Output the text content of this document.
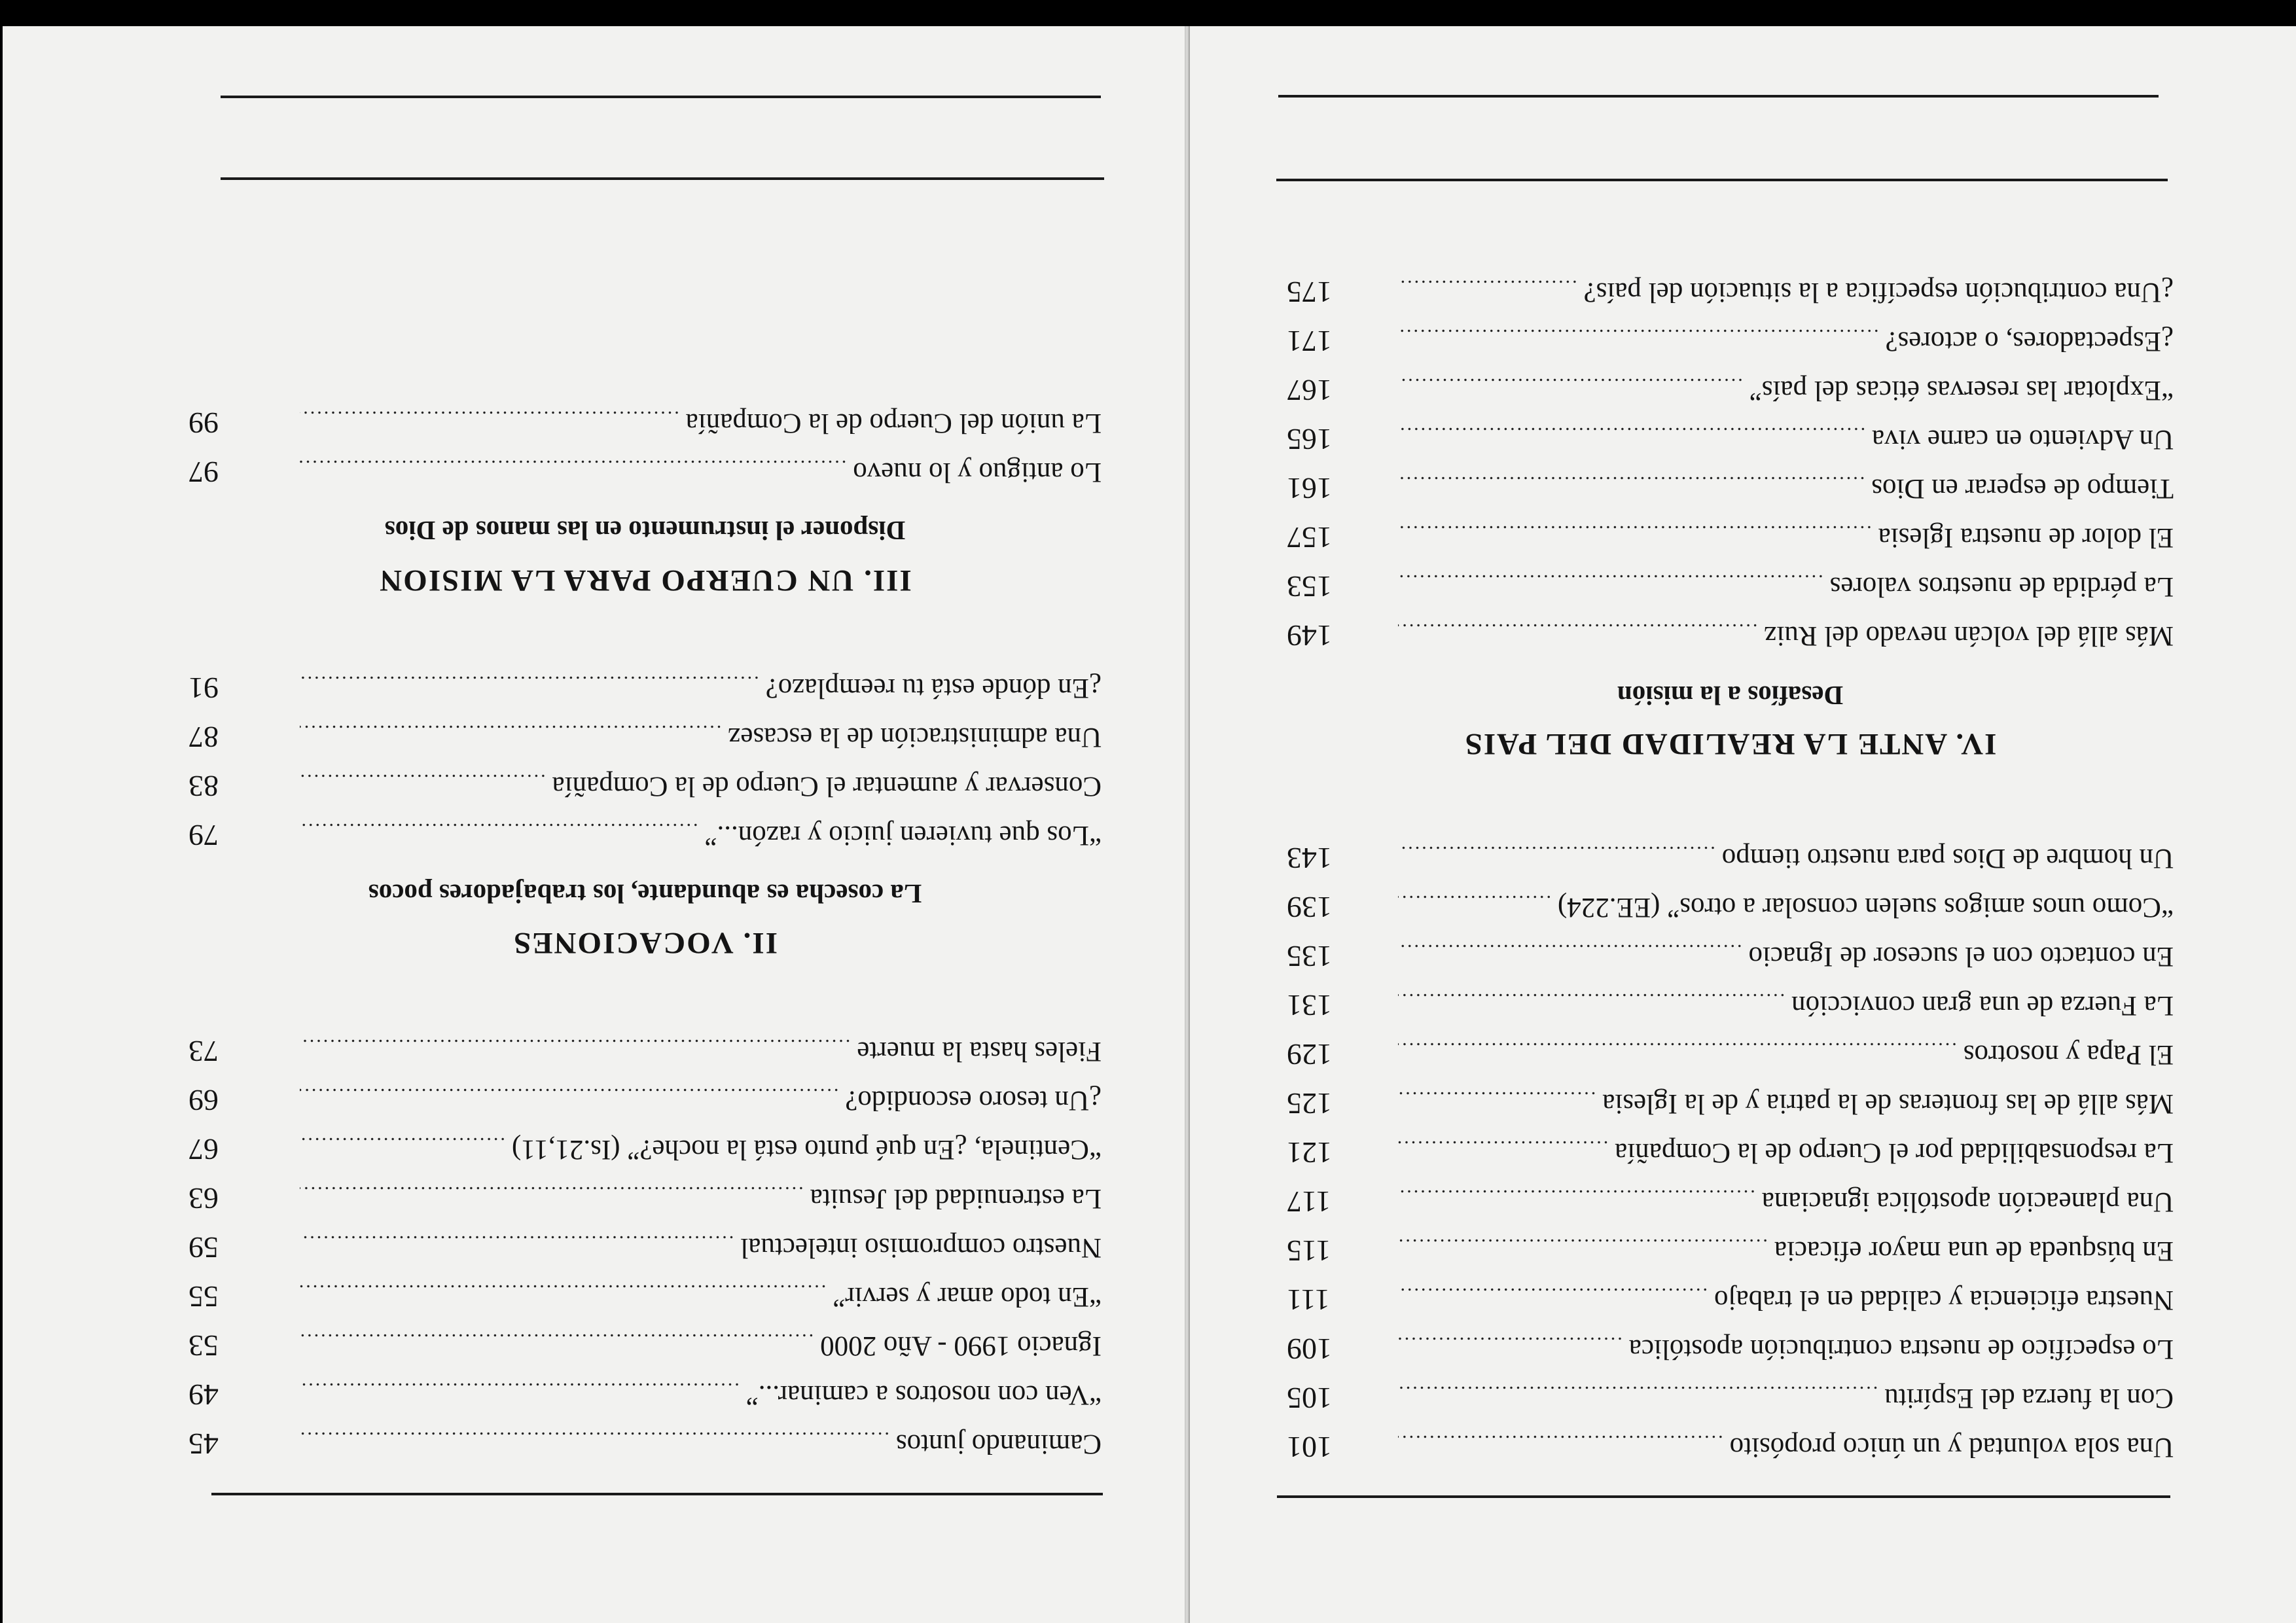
Una sola voluntad y un único propósito
.....
101
Con la fuerza del Espíritu
.....
105
Lo específico de nuestra contribución apostólica
.....
109
Nuestra eficiencia y calidad en el trabajo
.....
111
En búsqueda de una mayor eficacia
.....
115
Una planeación apostólica ignaciana
.....
117
La responsabilidad por el Cuerpo de la Compañía
.....
121
Más allá de las fronteras de la patria y de la Iglesia
.....
125
El Papa y nosotros
.....
129
La Fuerza de una gran convicción
.....
131
En contacto con el sucesor de Ignacio
.....
135
“Como unos amigos suelen consolar a otros” (EE.224)
.....
139
Un hombre de Dios para nuestro tiempo
.....
143
IV. ANTE LA REALIDAD DEL PAIS
Desafíos a la misión
Más allá del volcán nevado del Ruiz
.....
149
La pérdida de nuestros valores
.....
153
El dolor de nuestra Iglesia
.....
157
Tiempo de esperar en Dios
.....
161
Un Adviento en carne viva
.....
165
“Explotar las reservas éticas del país”
.....
167
¿Espectadores, o actores?
.....
171
¿Una contribución específica a la situación del país?
.....
175
Caminando juntos
.....
45
“Ven con nosotros a caminar...”
.....
49
Ignacio 1990 - Año 2000
.....
53
“En todo amar y servir”
.....
55
Nuestro compromiso intelectual
.....
59
La estrenuidad del Jesuita
.....
63
“Centinela, ¿En qué punto está la noche?” (Is.21,11)
.....
67
¿Un tesoro escondido?
.....
69
Fieles hasta la muerte
.....
73
II. VOCACIONES
La cosecha es abundante, los trabajadores pocos
“Los que tuvieren juicio y razón...”
.....
79
Conservar y aumentar el Cuerpo de la Compañía
.....
83
Una administración de la escasez
.....
87
¿En dónde está tu reemplazo?
.....
91
III. UN CUERPO PARA LA MISION
Disponer el instrumento en las manos de Dios
Lo antiguo y lo nuevo
.....
97
La unión del Cuerpo de la Compañía
.....
99
